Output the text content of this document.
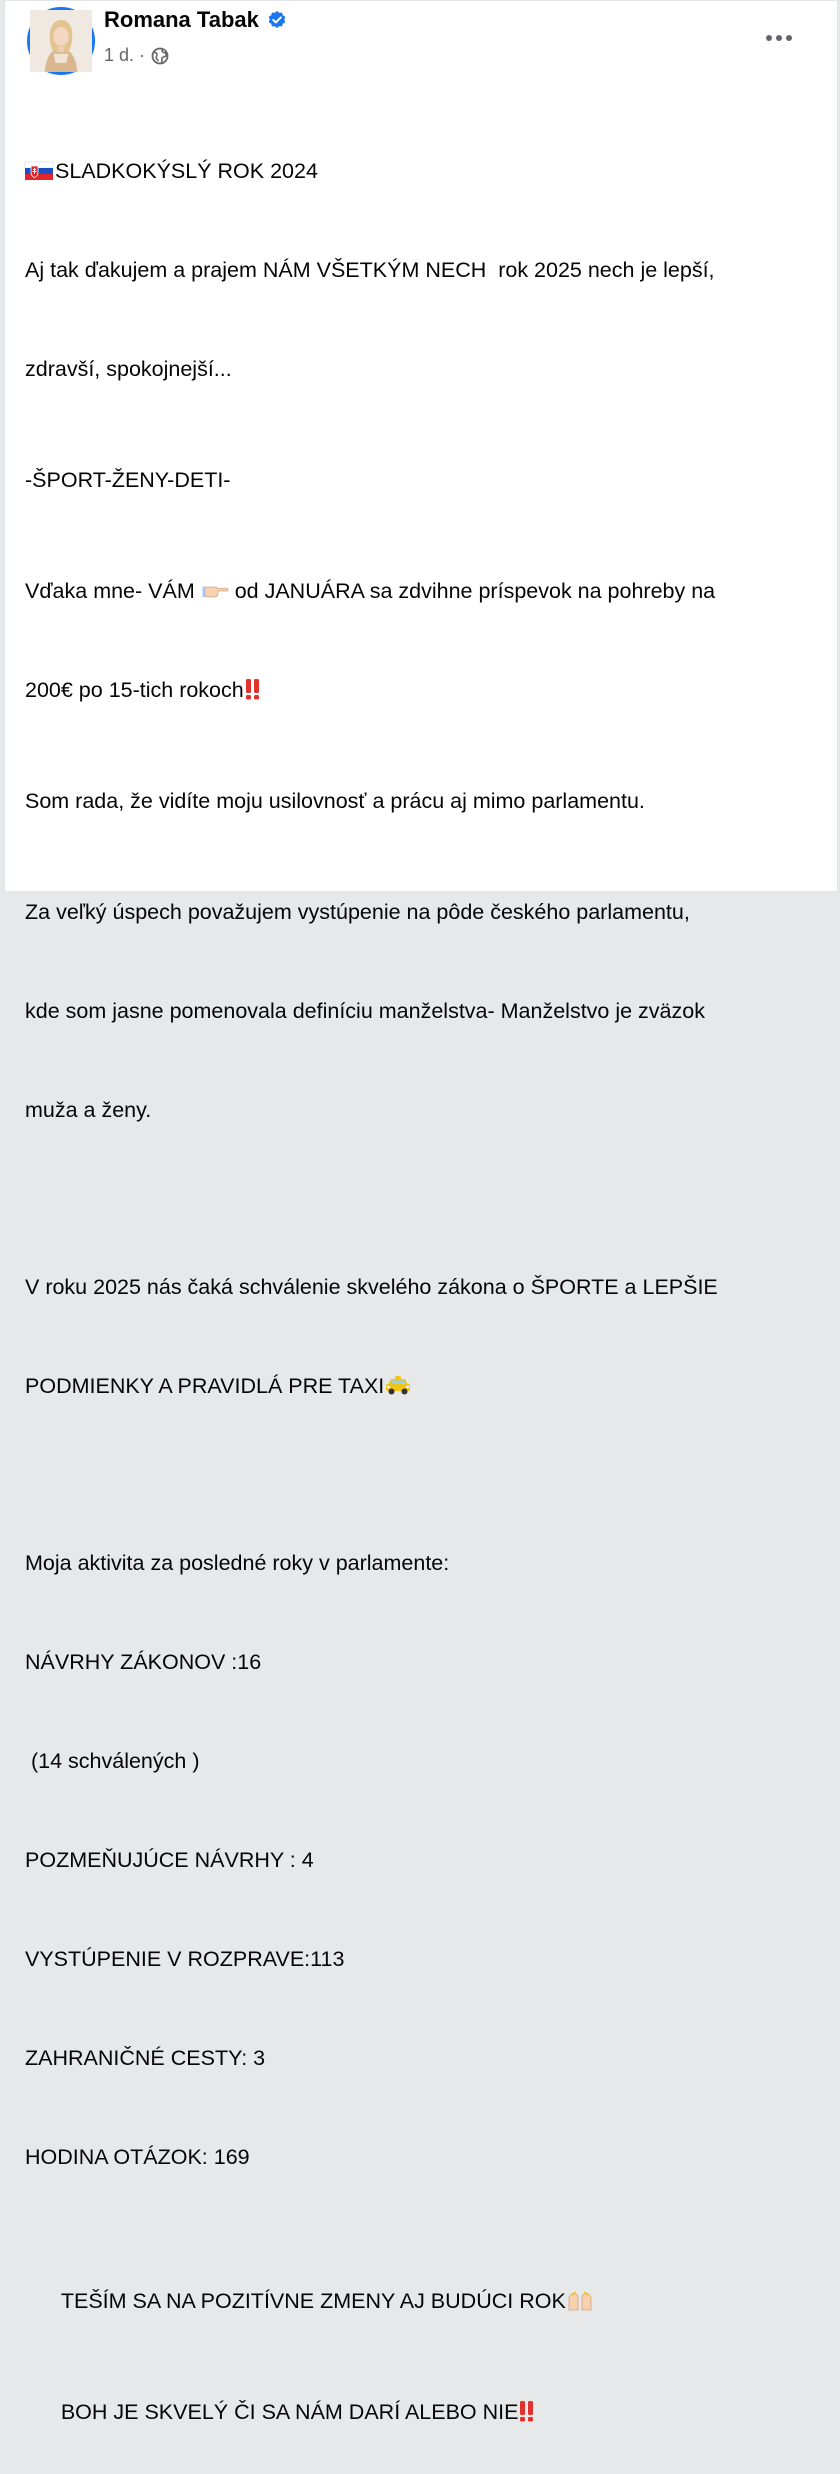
Romana Tabak
1 d. ·

SLADKOKÝSLÝ ROK 2024

Aj tak ďakujem a prajem NÁM VŠETKÝM NECH  rok 2025 nech je lepší,

zdravší, spokojnejší...

-ŠPORT-ŽENY-DETI-

Vďaka mne- VÁM  od JANUÁRA sa zdvihne príspevok na pohreby na

200€ po 15-tich rokoch

Som rada, že vidíte moju usilovnosť a prácu aj mimo parlamentu.

Za veľký úspech považujem vystúpenie na pôde českého parlamentu,

kde som jasne pomenovala definíciu manželstva- Manželstvo je zväzok

muža a ženy.

V roku 2025 nás čaká schválenie skvelého zákona o ŠPORTE a LEPŠIE

PODMIENKY A PRAVIDLÁ PRE TAXI

Moja aktivita za posledné roky v parlamente:

NÁVRHY ZÁKONOV :16

(14 schválených )

POZMEŇUJÚCE NÁVRHY : 4

VYSTÚPENIE V ROZPRAVE:113

ZAHRANIČNÉ CESTY: 3

HODINA OTÁZOK: 169

TEŠÍM SA NA POZITÍVNE ZMENY AJ BUDÚCI ROK

BOH JE SKVELÝ ČI SA NÁM DARÍ ALEBO NIE
